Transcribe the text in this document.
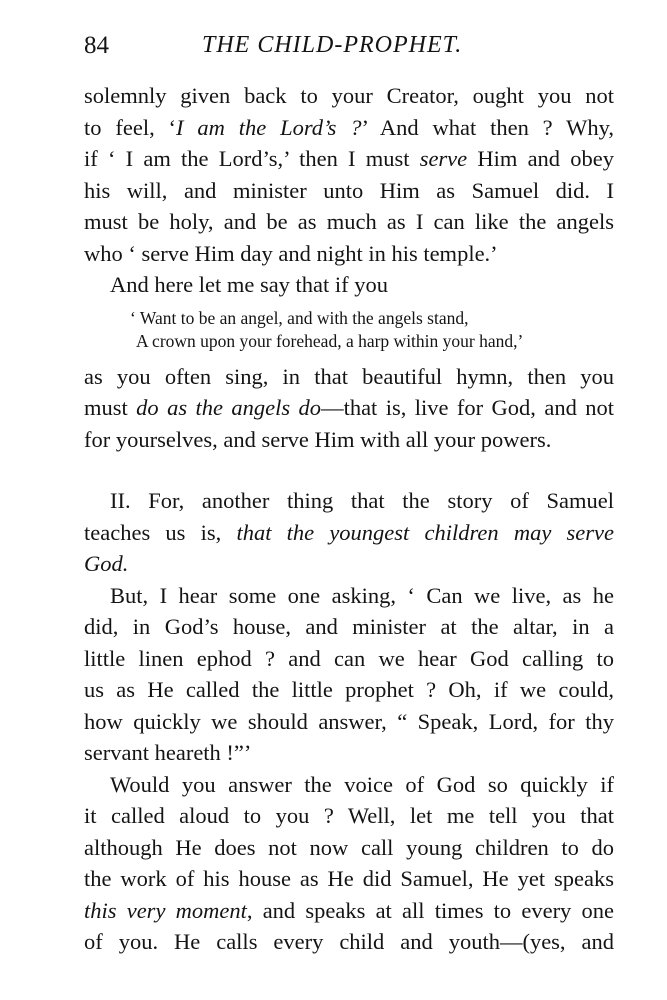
84	THE CHILD-PROPHET.
solemnly given back to your Creator, ought you not
to feel, ‘I am the Lord’s ?’ And what then ? Why,
if ‘ I am the Lord’s,’ then I must serve Him and obey
his will, and minister unto Him as Samuel did. I
must be holy, and be as much as I can like the angels
who ‘ serve Him day and night in his temple.’
And here let me say that if you
‘ Want to be an angel, and with the angels stand,
A crown upon your forehead, a harp within your hand,’
as you often sing, in that beautiful hymn, then you
must do as the angels do—that is, live for God, and not
for yourselves, and serve Him with all your powers.
II. For, another thing that the story of Samuel
teaches us is, that the youngest children may serve
God.
But, I hear some one asking, ‘ Can we live, as he
did, in God’s house, and minister at the altar, in a
little linen ephod ? and can we hear God calling to
us as He called the little prophet ? Oh, if we could,
how quickly we should answer, “ Speak, Lord, for thy
servant heareth !”’
Would you answer the voice of God so quickly if
it called aloud to you ? Well, let me tell you that
although He does not now call young children to do
the work of his house as He did Samuel, He yet speaks
this very moment, and speaks at all times to every one
of you. He calls every child and youth—(yes, and
